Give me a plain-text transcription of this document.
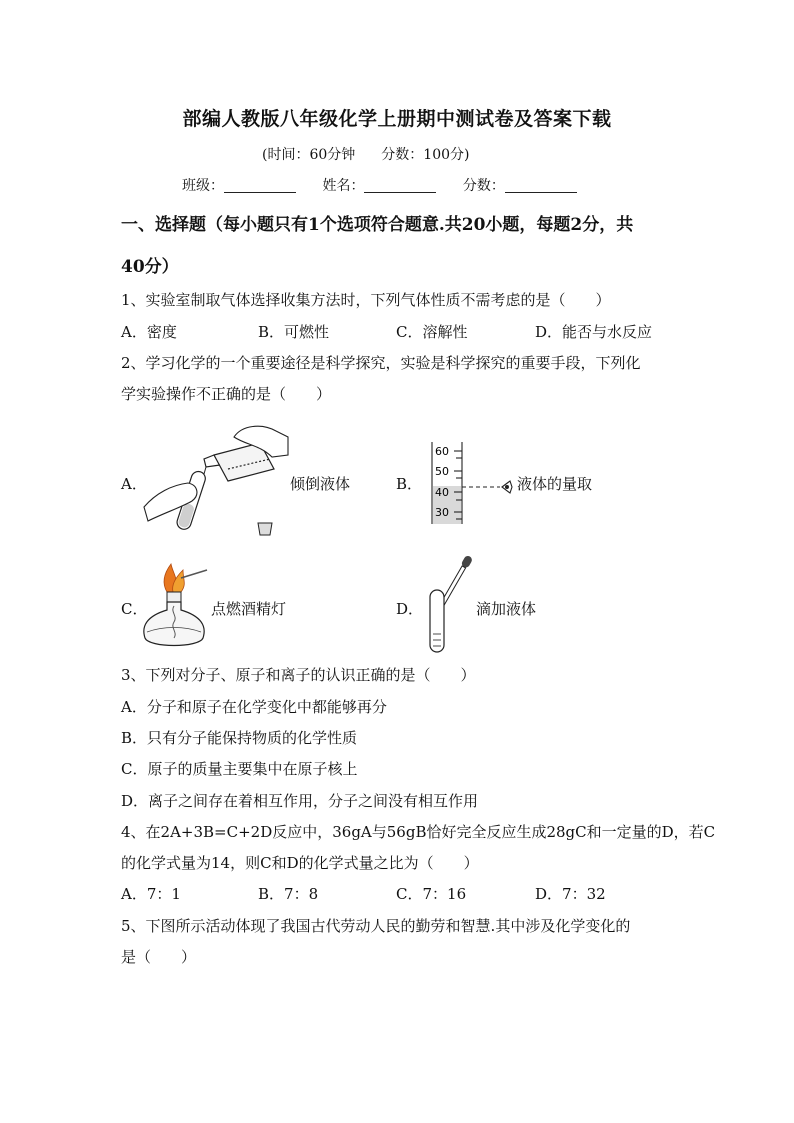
部编人教版八年级化学上册期中测试卷及答案下载
(时间：60分钟 分数：100分)
班级：	姓名：	分数：
一、选择题（每小题只有1个选项符合题意.共20小题，每题2分，共
40分）
1、实验室制取气体选择收集方法时，下列气体性质不需考虑的是（　　）
A．密度	B．可燃性	C．溶解性	D．能否与水反应
2、学习化学的一个重要途径是科学探究，实验是科学探究的重要手段，下列化
学实验操作不正确的是（　　）
A．	倾倒液体	B．
60
50
40
30
液体的量取
C．	点燃酒精灯	D．	滴加液体
3、下列对分子、原子和离子的认识正确的是（　　）
A．分子和原子在化学变化中都能够再分
B．只有分子能保持物质的化学性质
C．原子的质量主要集中在原子核上
D．离子之间存在着相互作用，分子之间没有相互作用
4、在2A+3B=C+2D反应中，36gA与56gB恰好完全反应生成28gC和一定量的D，若C
的化学式量为14，则C和D的化学式量之比为（　　）
A．7：1	B．7：8	C．7：16	D．7：32
5、下图所示活动体现了我国古代劳动人民的勤劳和智慧.其中涉及化学变化的
是（　　）
